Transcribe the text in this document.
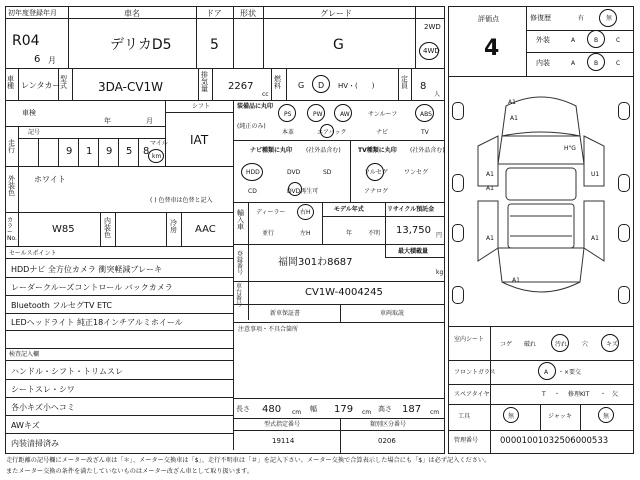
初年度登録年月
R04
6 月
車名
デリカD5
ドア
5
形状	グレード
G
2WD
4WD
車種 レンタカー
型式	3DA-CV1W
排気量 2267
cc
燃料 G D HV・(　　)
定員 8
人
車検
年	月
シフト
IAT
走行
記号
9 1 9 5 8
マイル
km
外装色
ホワイト
( ) 色替車は色替と記入
カラーNo.
W85
内装色
冷房 AAC
セールスポイント
HDDナビ 全方位カメラ 衝突軽減ブレーキ
レーダークルーズコントロール バックカメラ
Bluetooth フルセグTV ETC
LEDヘッドライト 純正18インチアルミホイール
検査記入欄
ハンドル・シフト・トリムスレ
シートスレ・シワ
各小キズ小ヘコミ
AWキズ
内装清掃済み
装備品に丸印
(純正のみ)
PS	PW	AW	サンルーフ	ABS
本革	エアバック	ナビ	TV
ナビ種類に丸印 (社外品含む)
HDD	DVD	SD
CD	DVD再生可
TV種類に丸印 (社外品含む)
フルセグ	ワンセグ
アナログ
輸入車
ディーラー 右H
並行	左H
モデル年式
年	不明
リサイクル預託金
13,750 円
最大積載量
kg
登録番号
福岡301わ8687
車台番号
CV1W-4004245
新車保証書	車両取説
注意事項・不具合箇所
長さ 480 cm 幅 179 cm 高さ 187 cm
型式指定番号
19114
類別区分番号
0206
評価点
4
修復歴	有	無
外装	A	B	C
内装	A	B	C
A1
A1
H"G
A1	U1
A1
A1	A1
A1
室内シート
コゲ 破れ	汚れ 穴	キズ
フロントガラス	A ・×要交
スペアタイヤ	T ・ 修理KIT ・ 欠
工具	無	ジャッキ	無
管理番号	00001001032506000533
走行距離の記号欄にメーター改ざん車は「＊」、メーター交換車は「$」、走行不明車は「＃」を記入下さい。メーター交換で合算表示した場合にも「$」は必ず記入ください。
またメーター交換の条件を満たしていないものはメーター改ざん車として取り扱います。
